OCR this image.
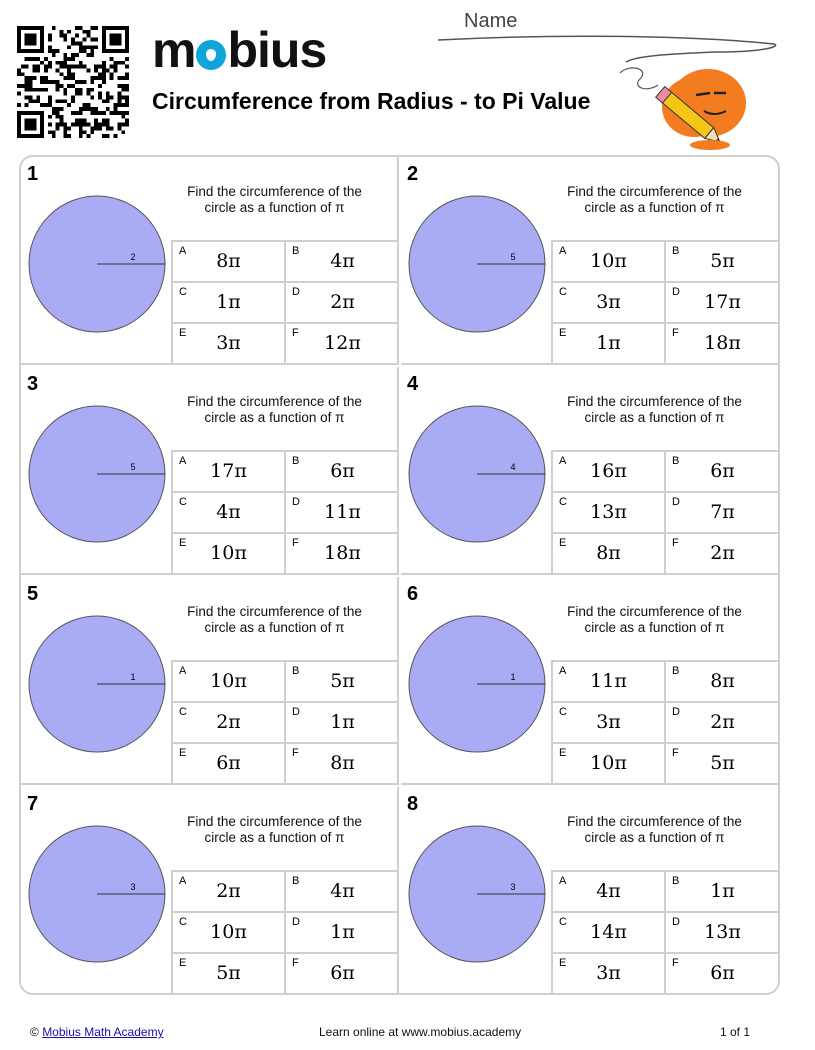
m bius
Circumference from Radius - to Pi Value
Name
1
2
Find the circumference of the circle as a function of π
A	8π	B	4π
C	1π	D	2π
E	3π	F	12π
2
5
Find the circumference of the circle as a function of π
A	10π	B	5π
C	3π	D	17π
E	1π	F	18π
3
5
Find the circumference of the circle as a function of π
A	17π	B	6π
C	4π	D	11π
E	10π	F	18π
4
4
Find the circumference of the circle as a function of π
A	16π	B	6π
C	13π	D	7π
E	8π	F	2π
5
1
Find the circumference of the circle as a function of π
A	10π	B	5π
C	2π	D	1π
E	6π	F	8π
6
1
Find the circumference of the circle as a function of π
A	11π	B	8π
C	3π	D	2π
E	10π	F	5π
7
3
Find the circumference of the circle as a function of π
A	2π	B	4π
C	10π	D	1π
E	5π	F	6π
8
3
Find the circumference of the circle as a function of π
A	4π	B	1π
C	14π	D	13π
E	3π	F	6π
© Mobius Math Academy	Learn online at www.mobius.academy	1 of 1
